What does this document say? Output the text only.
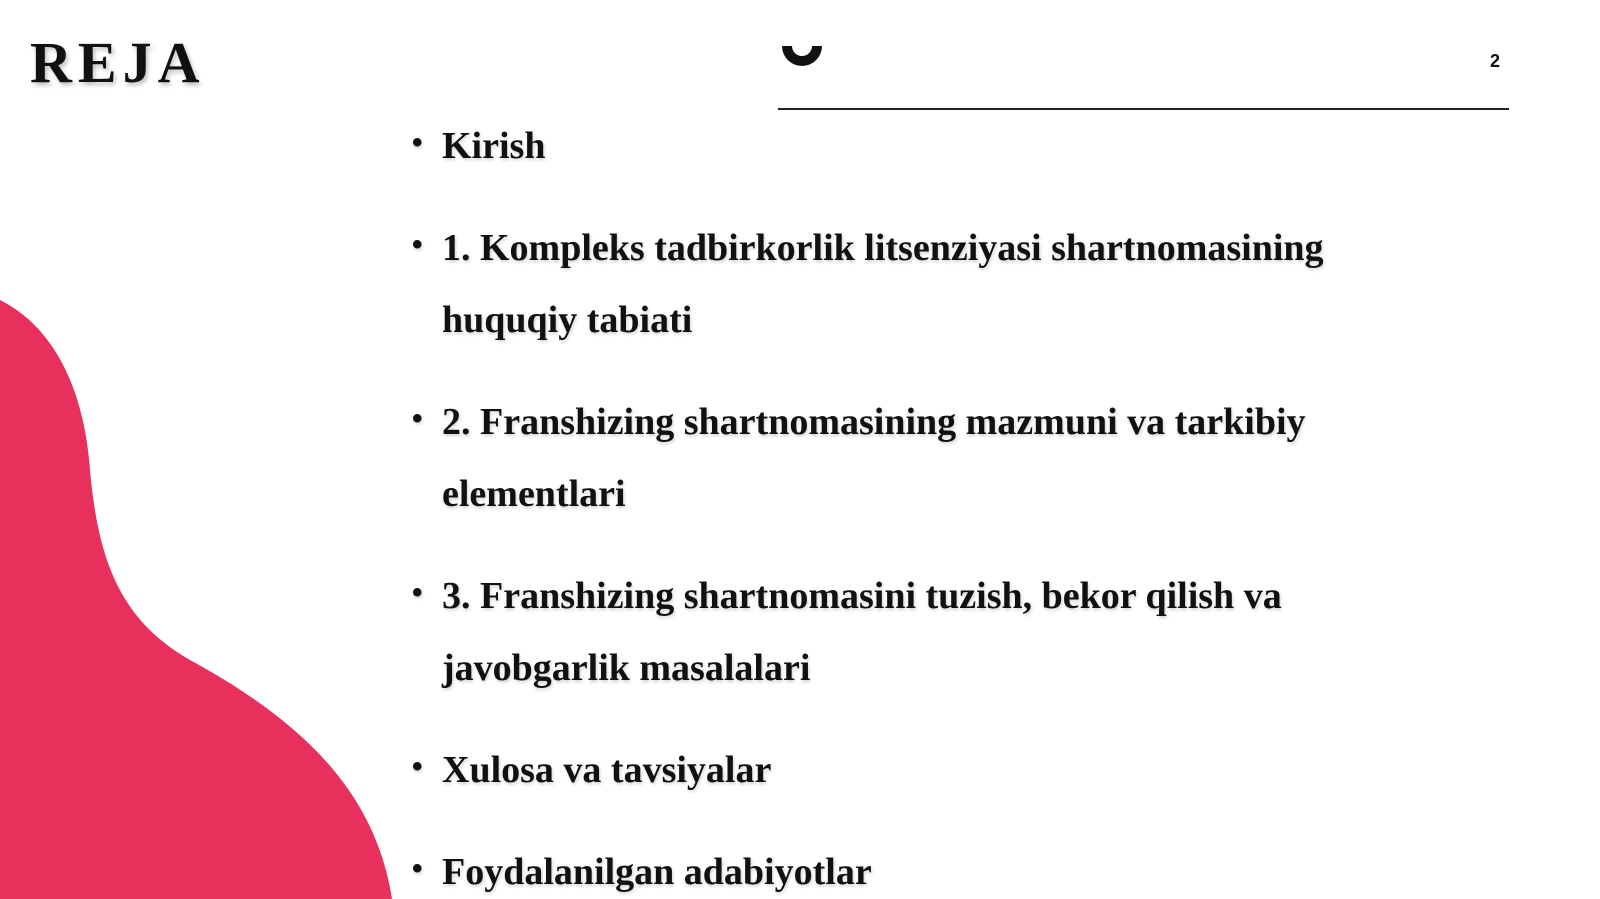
REJA	2
• Kirish
• 1. Kompleks tadbirkorlik litsenziyasi shartnomasining huquqiy tabiati
• 2. Franshizing shartnomasining mazmuni va tarkibiy elementlari
• 3. Franshizing shartnomasini tuzish, bekor qilish va javobgarlik masalalari
• Xulosa va tavsiyalar
• Foydalanilgan adabiyotlar
